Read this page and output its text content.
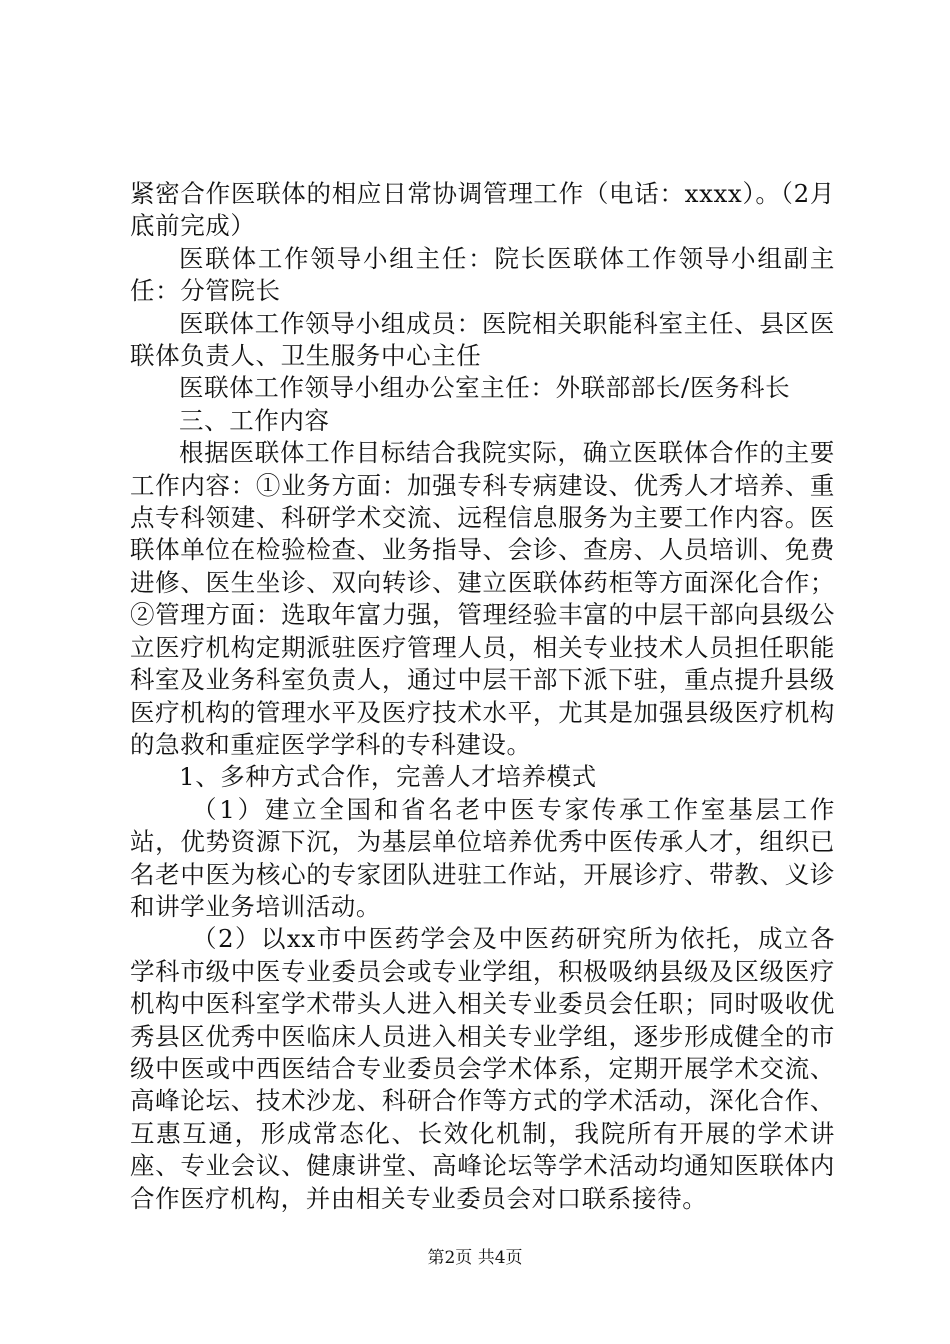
紧密合作医联体的相应日常协调管理工作（电话：xxxx）。（2月底前完成）

医联体工作领导小组主任：院长医联体工作领导小组副主任：分管院长

医联体工作领导小组成员：医院相关职能科室主任、县区医联体负责人、卫生服务中心主任

医联体工作领导小组办公室主任：外联部部长/医务科长

三、工作内容

根据医联体工作目标结合我院实际，确立医联体合作的主要工作内容：①业务方面：加强专科专病建设、优秀人才培养、重点专科领建、科研学术交流、远程信息服务为主要工作内容。医联体单位在检验检查、业务指导、会诊、查房、人员培训、免费进修、医生坐诊、双向转诊、建立医联体药柜等方面深化合作；②管理方面：选取年富力强，管理经验丰富的中层干部向县级公立医疗机构定期派驻医疗管理人员，相关专业技术人员担任职能科室及业务科室负责人，通过中层干部下派下驻，重点提升县级医疗机构的管理水平及医疗技术水平，尤其是加强县级医疗机构的急救和重症医学学科的专科建设。

1、多种方式合作，完善人才培养模式

（1）建立全国和省名老中医专家传承工作室基层工作站，优势资源下沉，为基层单位培养优秀中医传承人才，组织已名老中医为核心的专家团队进驻工作站，开展诊疗、带教、义诊和讲学业务培训活动。

（2）以xx市中医药学会及中医药研究所为依托，成立各学科市级中医专业委员会或专业学组，积极吸纳县级及区级医疗机构中医科室学术带头人进入相关专业委员会任职；同时吸收优秀县区优秀中医临床人员进入相关专业学组，逐步形成健全的市级中医或中西医结合专业委员会学术体系，定期开展学术交流、高峰论坛、技术沙龙、科研合作等方式的学术活动，深化合作、互惠互通，形成常态化、长效化机制，我院所有开展的学术讲座、专业会议、健康讲堂、高峰论坛等学术活动均通知医联体内合作医疗机构，并由相关专业委员会对口联系接待。

第2页 共4页
